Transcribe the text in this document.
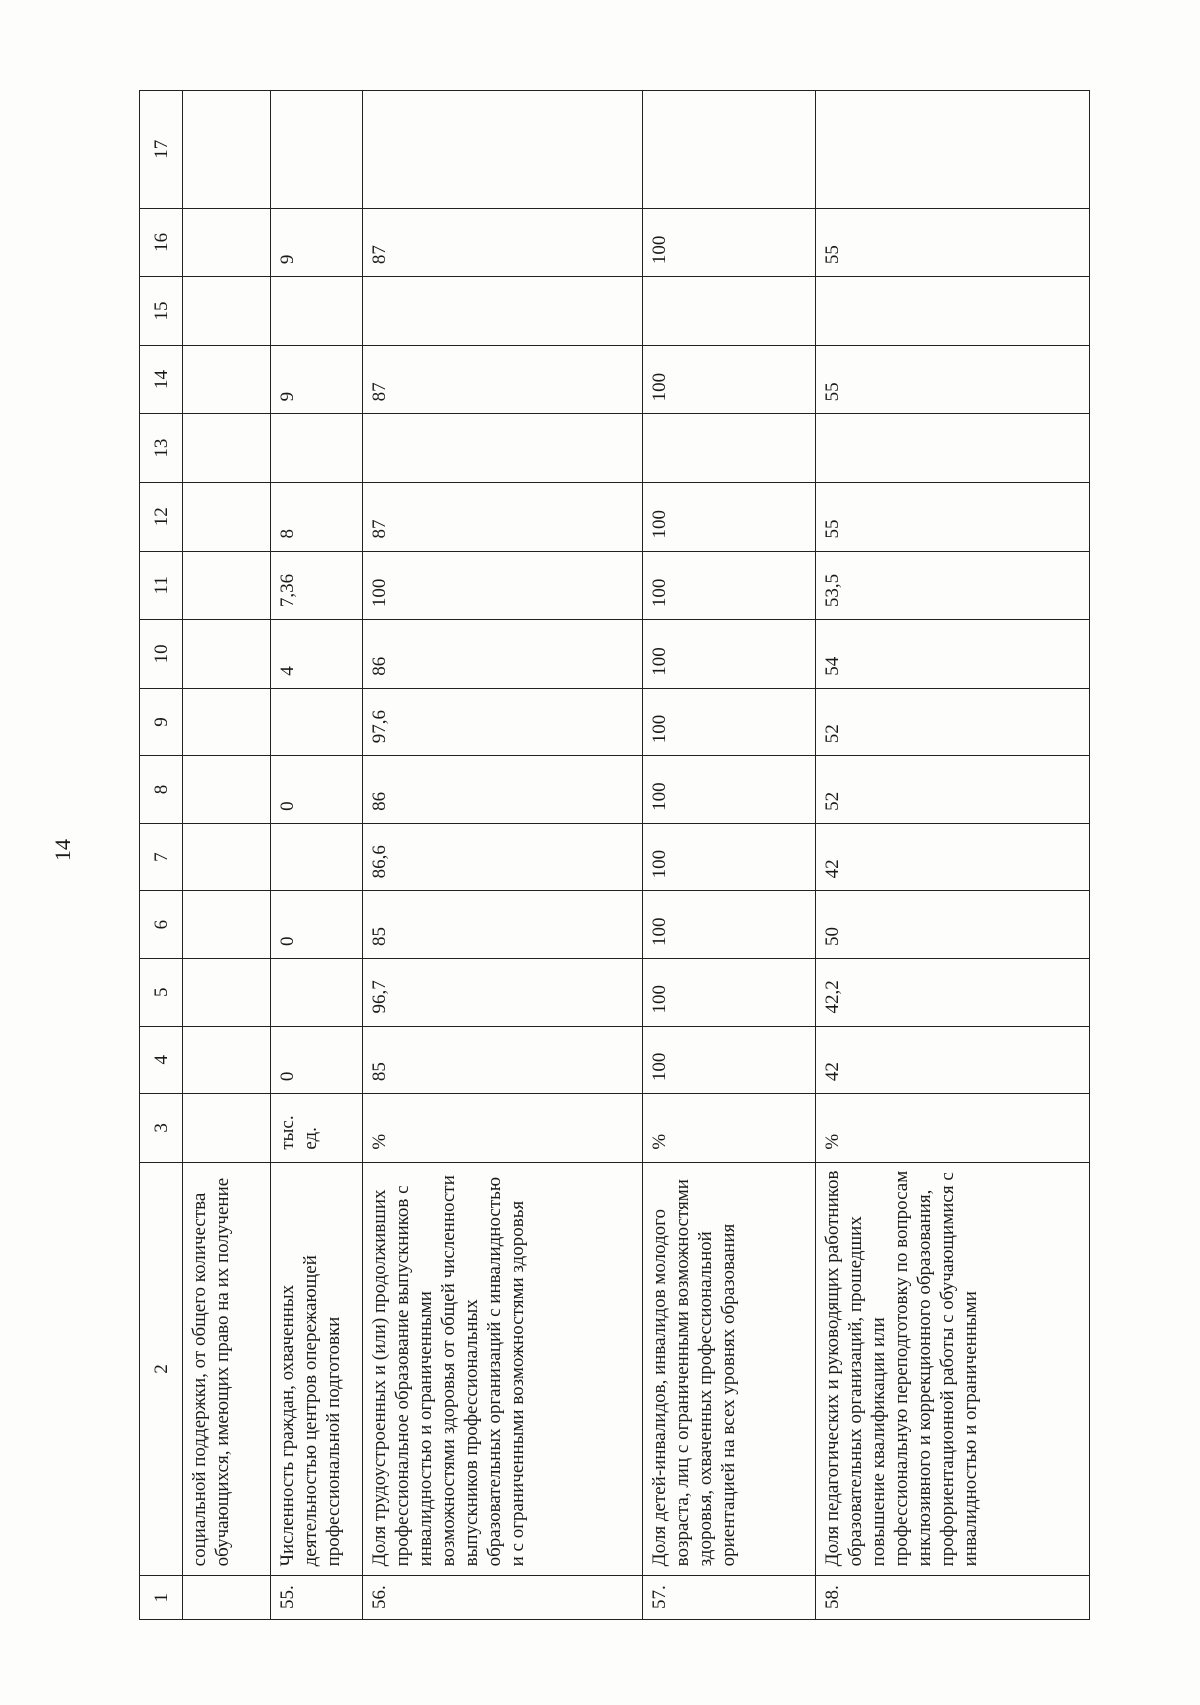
14
1	2	3	4	5	6	7	8	9	10	11	12	13	14	15	16	17
	социальной поддержки, от общего количества обучающихся, имеющих право на их получение															
55.	Численность граждан, охваченных деятельностью центров опережающей профессиональной подготовки	тыс. ед.	0		0		0		4	7,36	8		9		9	
56.	Доля трудоустроенных и (или) продолживших профессиональное образование выпускников с инвалидностью и ограниченными возможностями здоровья от общей численности выпускников профессиональных образовательных организаций с инвалидностью и с ограниченными возможностями здоровья	%	85	96,7	85	86,6	86	97,6	86	100	87		87		87	
57.	Доля детей-инвалидов, инвалидов молодого возраста, лиц с ограниченными возможностями здоровья, охваченных профессиональной ориентацией на всех уровнях образования	%	100	100	100	100	100	100	100	100	100		100		100	
58.	Доля педагогических и руководящих работников образовательных организаций, прошедших повышение квалификации или профессиональную переподготовку по вопросам инклюзивного и коррекционного образования, профориентационной работы с обучающимися с инвалидностью и ограниченными	%	42	42,2	50	42	52	52	54	53,5	55		55		55	
